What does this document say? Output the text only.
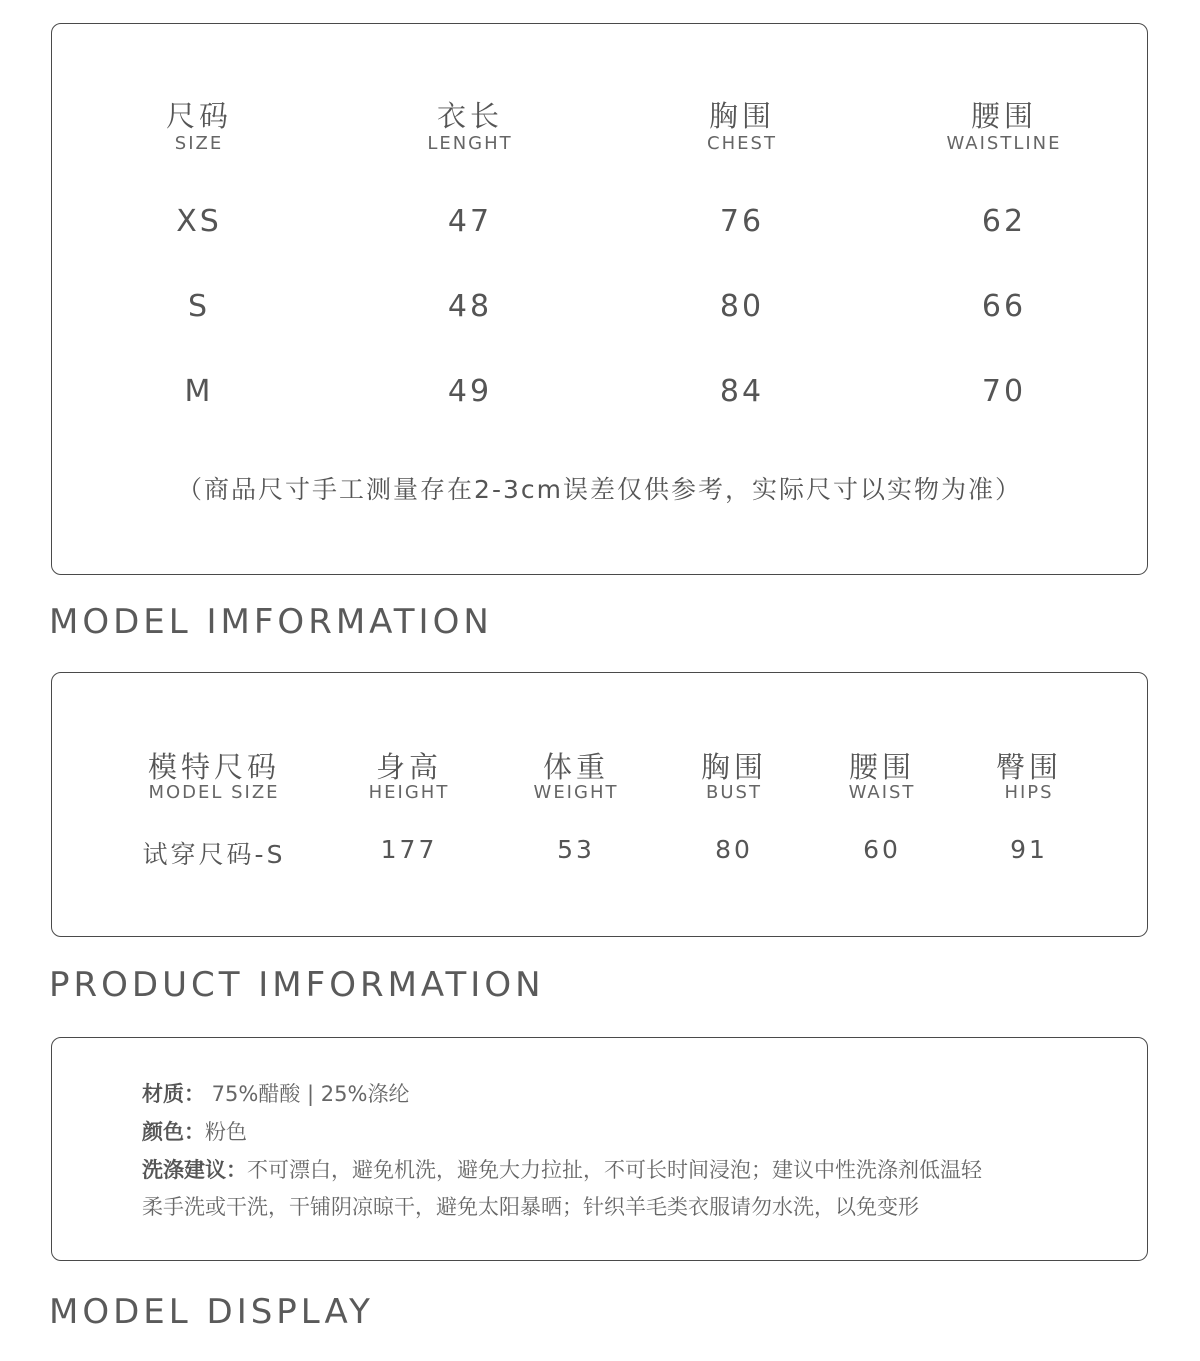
尺码
SIZE
XS
S
M
衣长
LENGHT
47
48
49
胸围
CHEST
76
80
84
腰围
WAISTLINE
62
66
70
（商品尺寸手工测量存在2-3cm误差仅供参考，实际尺寸以实物为准）
MODEL IMFORMATION
模特尺码
MODEL SIZE
试穿尺码-S
身高
HEIGHT
177
体重
WEIGHT
53
胸围
BUST
80
腰围
WAIST
60
臀围
HIPS
91
PRODUCT IMFORMATION
材质： 75%醋酸 | 25%涤纶
颜色：粉色
洗涤建议：不可漂白，避免机洗，避免大力拉扯，不可长时间浸泡；建议中性洗涤剂低温轻
柔手洗或干洗，干铺阴凉晾干，避免太阳暴晒；针织羊毛类衣服请勿水洗，以免变形
MODEL DISPLAY
